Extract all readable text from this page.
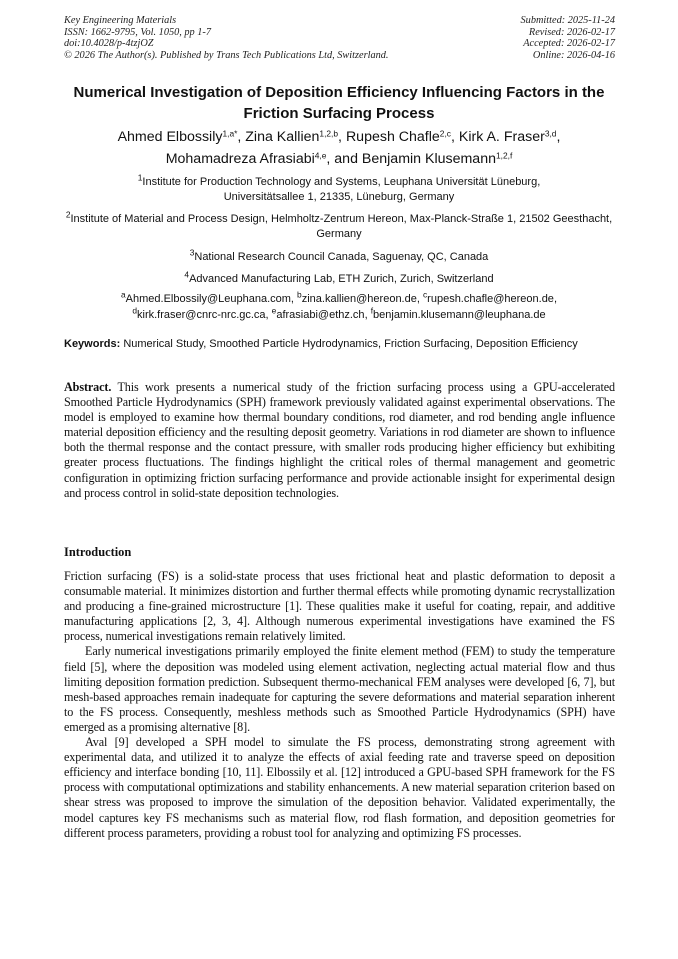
Key Engineering Materials
ISSN: 1662-9795, Vol. 1050, pp 1-7
doi:10.4028/p-4tzjOZ
© 2026 The Author(s). Published by Trans Tech Publications Ltd, Switzerland.
Submitted: 2025-11-24
Revised: 2026-02-17
Accepted: 2026-02-17
Online: 2026-04-16
Numerical Investigation of Deposition Efficiency Influencing Factors in the Friction Surfacing Process
Ahmed Elbossily$^{1,a*}$, Zina Kallien$^{1,2,b}$, Rupesh Chafle$^{2,c}$, Kirk A. Fraser$^{3,d}$,
Mohamadreza Afrasiabi$^{4,e}$, and Benjamin Klusemann$^{1,2,f}$
$^1$Institute for Production Technology and Systems, Leuphana Universität Lüneburg, Universitätsallee 1, 21335, Lüneburg, Germany
$^2$Institute of Material and Process Design, Helmholtz-Zentrum Hereon, Max-Planck-Straße 1, 21502 Geesthacht, Germany
$^3$National Research Council Canada, Saguenay, QC, Canada
$^4$Advanced Manufacturing Lab, ETH Zurich, Zurich, Switzerland
$^a$Ahmed.Elbossily@Leuphana.com, $^b$zina.kallien@hereon.de, $^c$rupesh.chafle@hereon.de,
$^d$kirk.fraser@cnrc-nrc.gc.ca, $^e$afrasiabi@ethz.ch, $^f$benjamin.klusemann@leuphana.de
Keywords: Numerical Study, Smoothed Particle Hydrodynamics, Friction Surfacing, Deposition Efficiency
Abstract. This work presents a numerical study of the friction surfacing process using a GPU-accelerated Smoothed Particle Hydrodynamics (SPH) framework previously validated against experimental observations. The model is employed to examine how thermal boundary conditions, rod diameter, and rod bending angle influence material deposition efficiency and the resulting deposit geometry. Variations in rod diameter are shown to influence both the thermal response and the contact pressure, with smaller rods producing higher efficiency but exhibiting greater process fluctuations. The findings highlight the critical roles of thermal management and geometric configuration in optimizing friction surfacing performance and provide actionable insight for experimental design and process control in solid-state deposition technologies.
Introduction

Friction surfacing (FS) is a solid-state process that uses frictional heat and plastic deformation to deposit a consumable material. It minimizes distortion and further thermal effects while promoting dynamic recrystallization and producing a fine-grained microstructure [1]. These qualities make it useful for coating, repair, and additive manufacturing applications [2, 3, 4]. Although numerous experimental investigations have examined the FS process, numerical investigations remain relatively limited.

Early numerical investigations primarily employed the finite element method (FEM) to study the temperature field [5], where the deposition was modeled using element activation, neglecting actual material flow and thus limiting deposition formation prediction. Subsequent thermo-mechanical FEM analyses were developed [6, 7], but mesh-based approaches remain inadequate for capturing the severe deformations and material separation inherent to the FS process. Consequently, meshless methods such as Smoothed Particle Hydrodynamics (SPH) have emerged as a promising alternative [8].

Aval [9] developed a SPH model to simulate the FS process, demonstrating strong agreement with experimental data, and utilized it to analyze the effects of axial feeding rate and traverse speed on deposition efficiency and interface bonding [10, 11]. Elbossily et al. [12] introduced a GPU-based SPH framework for the FS process with computational optimizations and stability enhancements. A new material separation criterion based on shear stress was proposed to improve the simulation of the deposition behavior. Validated experimentally, the model captures key FS mechanisms such as material flow, rod flash formation, and deposition geometries for different process parameters, providing a robust tool for analyzing and optimizing FS processes.
